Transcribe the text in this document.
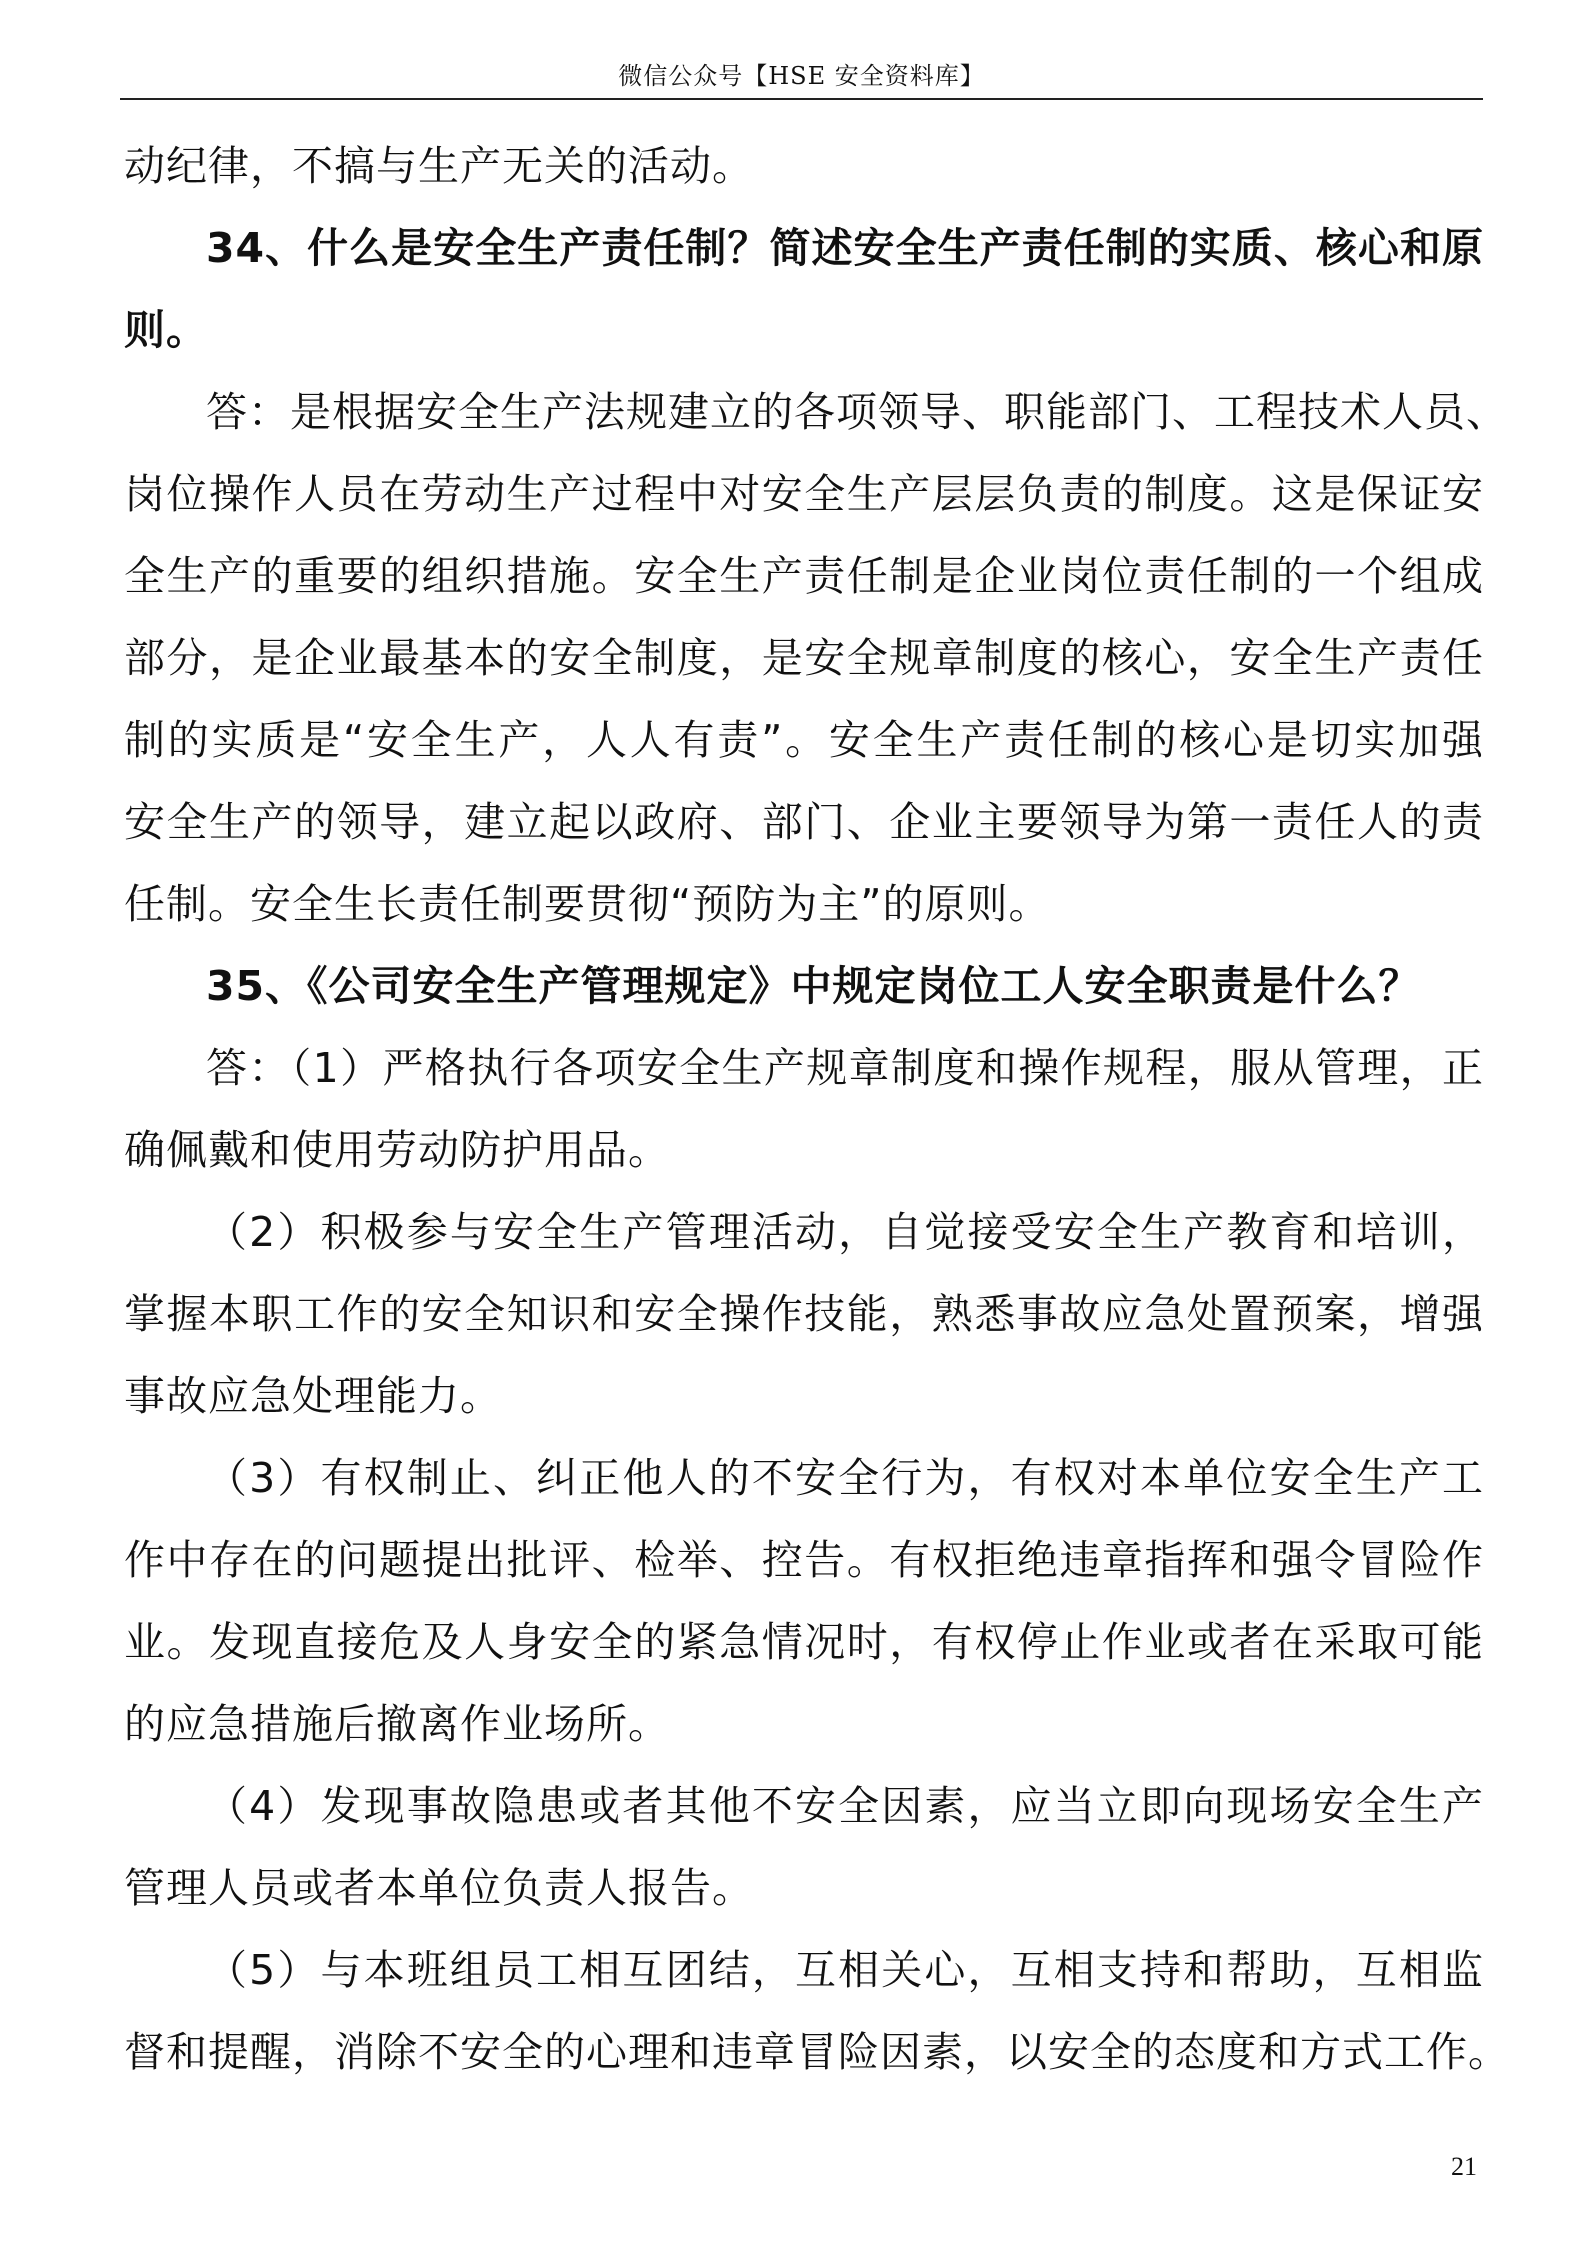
微信公众号【HSE 安全资料库】
动纪律，不搞与生产无关的活动。
34、什么是安全生产责任制？简述安全生产责任制的实质、核心和原
则。
答：是根据安全生产法规建立的各项领导、职能部门、工程技术人员、
岗位操作人员在劳动生产过程中对安全生产层层负责的制度。这是保证安
全生产的重要的组织措施。安全生产责任制是企业岗位责任制的一个组成
部分，是企业最基本的安全制度，是安全规章制度的核心，安全生产责任
制的实质是“安全生产，人人有责”。安全生产责任制的核心是切实加强
安全生产的领导，建立起以政府、部门、企业主要领导为第一责任人的责
任制。安全生长责任制要贯彻“预防为主”的原则。
35、《公司安全生产管理规定》中规定岗位工人安全职责是什么？
答：（1）严格执行各项安全生产规章制度和操作规程，服从管理，正
确佩戴和使用劳动防护用品。
（2）积极参与安全生产管理活动，自觉接受安全生产教育和培训，
掌握本职工作的安全知识和安全操作技能，熟悉事故应急处置预案，增强
事故应急处理能力。
（3）有权制止、纠正他人的不安全行为，有权对本单位安全生产工
作中存在的问题提出批评、检举、控告。有权拒绝违章指挥和强令冒险作
业。发现直接危及人身安全的紧急情况时，有权停止作业或者在采取可能
的应急措施后撤离作业场所。
（4）发现事故隐患或者其他不安全因素，应当立即向现场安全生产
管理人员或者本单位负责人报告。
（5）与本班组员工相互团结，互相关心，互相支持和帮助，互相监
督和提醒，消除不安全的心理和违章冒险因素，以安全的态度和方式工作。
21
